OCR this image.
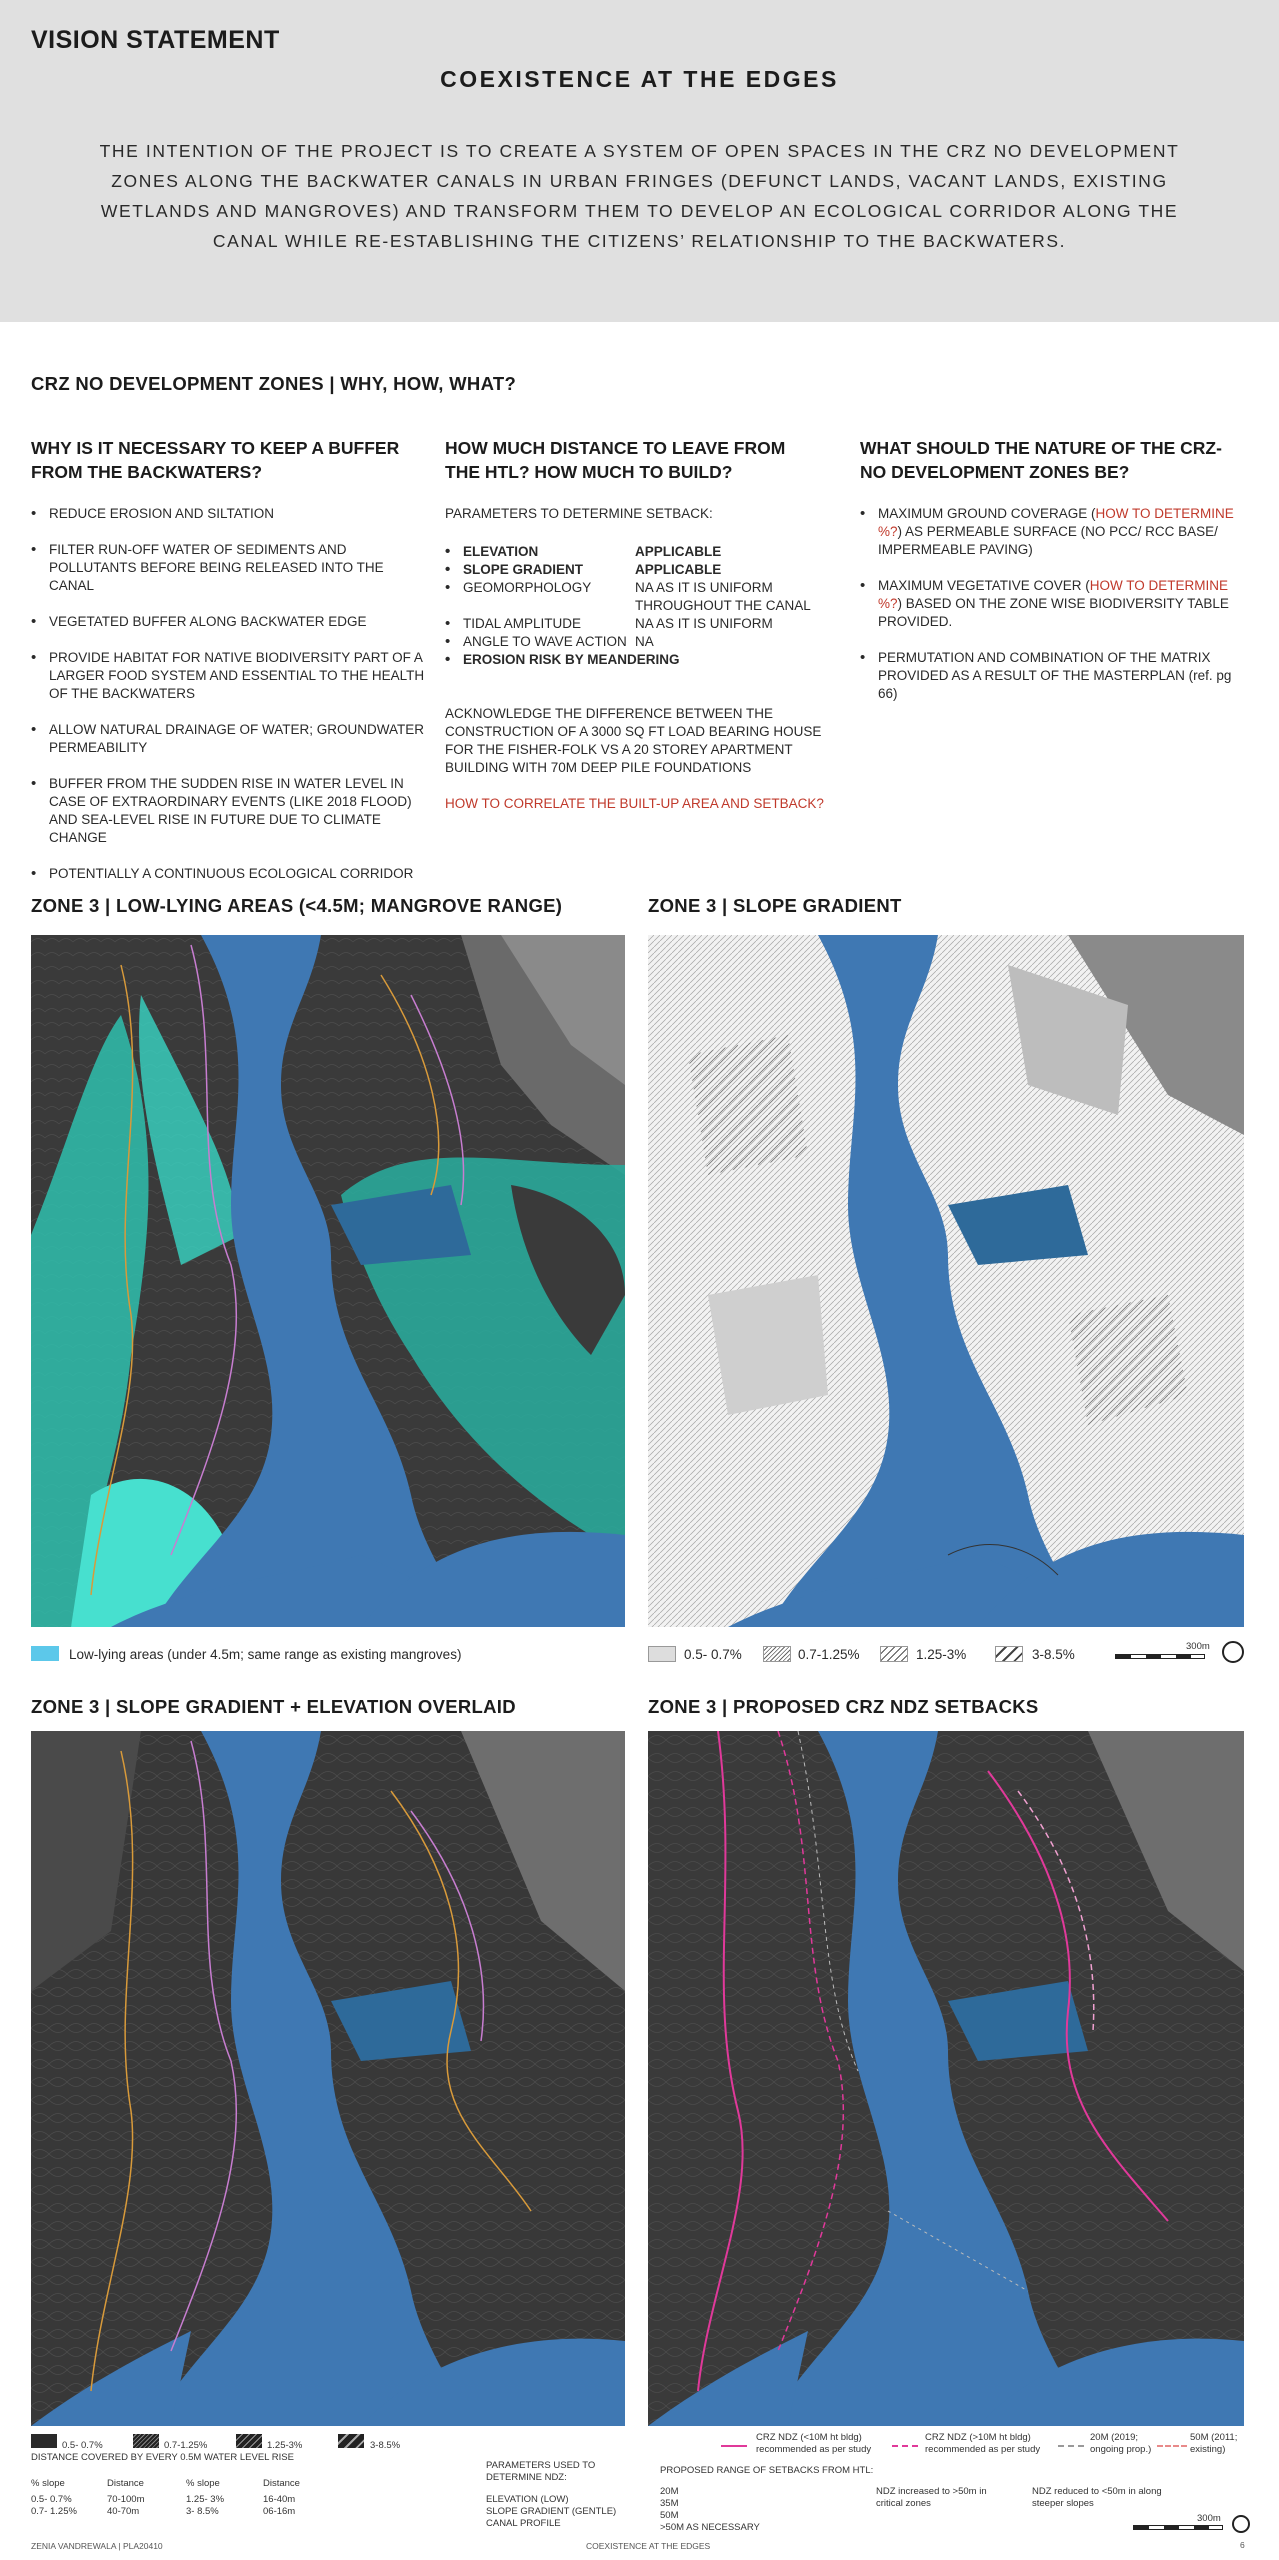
VISION STATEMENT
COEXISTENCE AT THE EDGES
THE INTENTION OF THE PROJECT IS TO CREATE A SYSTEM OF OPEN SPACES IN THE CRZ NO DEVELOPMENT ZONES ALONG THE BACKWATER CANALS IN URBAN FRINGES (DEFUNCT LANDS, VACANT LANDS, EXISTING WETLANDS AND MANGROVES) AND TRANSFORM THEM TO DEVELOP AN ECOLOGICAL CORRIDOR ALONG THE CANAL WHILE RE-ESTABLISHING THE CITIZENS’ RELATIONSHIP TO THE BACKWATERS.
CRZ NO DEVELOPMENT ZONES | WHY, HOW, WHAT?
WHY IS IT NECESSARY TO KEEP A BUFFER FROM THE BACKWATERS?
• REDUCE EROSION AND SILTATION
• FILTER RUN-OFF WATER OF SEDIMENTS AND POLLUTANTS BEFORE BEING RELEASED INTO THE CANAL
• VEGETATED BUFFER ALONG BACKWATER EDGE
• PROVIDE HABITAT FOR NATIVE BIODIVERSITY PART OF A LARGER FOOD SYSTEM AND ESSENTIAL TO THE HEALTH OF THE BACKWATERS
• ALLOW NATURAL DRAINAGE OF WATER; GROUNDWATER PERMEABILITY
• BUFFER FROM THE SUDDEN RISE IN WATER LEVEL IN CASE OF EXTRAORDINARY EVENTS (LIKE 2018 FLOOD) AND SEA-LEVEL RISE IN FUTURE DUE TO CLIMATE CHANGE
• POTENTIALLY A CONTINUOUS ECOLOGICAL CORRIDOR
HOW MUCH DISTANCE TO LEAVE FROM THE HTL? HOW MUCH TO BUILD?
PARAMETERS TO DETERMINE SETBACK:
• ELEVATION	APPLICABLE
• SLOPE GRADIENT	APPLICABLE
• GEOMORPHOLOGY	NA AS IT IS UNIFORM THROUGHOUT THE CANAL
• TIDAL AMPLITUDE	NA AS IT IS UNIFORM
• ANGLE TO WAVE ACTION NA
• EROSION RISK BY MEANDERING
ACKNOWLEDGE THE DIFFERENCE BETWEEN THE CONSTRUCTION OF A 3000 SQ FT LOAD BEARING HOUSE FOR THE FISHER-FOLK VS A 20 STOREY APARTMENT BUILDING WITH 70M DEEP PILE FOUNDATIONS
HOW TO CORRELATE THE BUILT-UP AREA AND SETBACK?
WHAT SHOULD THE NATURE OF THE CRZ- NO DEVELOPMENT ZONES BE?
• MAXIMUM GROUND COVERAGE (HOW TO DETERMINE %?) AS PERMEABLE SURFACE (NO PCC/ RCC BASE/ IMPERMEABLE PAVING)
• MAXIMUM VEGETATIVE COVER (HOW TO DETERMINE %?) BASED ON THE ZONE WISE BIODIVERSITY TABLE PROVIDED.
• PERMUTATION AND COMBINATION OF THE MATRIX PROVIDED AS A RESULT OF THE MASTERPLAN (ref. pg 66)
ZONE 3 | LOW-LYING AREAS (<4.5M; MANGROVE RANGE)	ZONE 3 | SLOPE GRADIENT
ZONE 3 | SLOPE GRADIENT + ELEVATION OVERLAID	ZONE 3 | PROPOSED CRZ NDZ SETBACKS
Low-lying areas (under 4.5m; same range as existing mangroves)	0.5- 0.7%	0.7-1.25%	1.25-3%	3-8.5%
300m
0.5- 0.7%	0.7-1.25%	1.25-3%	3-8.5%
DISTANCE COVERED BY EVERY 0.5M WATER LEVEL RISE
% slope	Distance	% slope	Distance
0.5- 0.7%	70-100m	1.25- 3%	16-40m
0.7- 1.25%	40-70m	3- 8.5%	06-16m
PARAMETERS USED TO DETERMINE NDZ:
ELEVATION (LOW)
SLOPE GRADIENT (GENTLE)
CANAL PROFILE
CRZ NDZ (<10M ht bldg) recommended as per study
CRZ NDZ (>10M ht bldg) recommended as per study
20M (2019; ongoing prop.)
50M (2011; existing)
PROPOSED RANGE OF SETBACKS FROM HTL:
20M
35M
50M
>50M AS NECESSARY
NDZ increased to >50m in critical zones
NDZ reduced to <50m in along steeper slopes
300m
ZENIA VANDREWALA | PLA20410	COEXISTENCE AT THE EDGES	6
